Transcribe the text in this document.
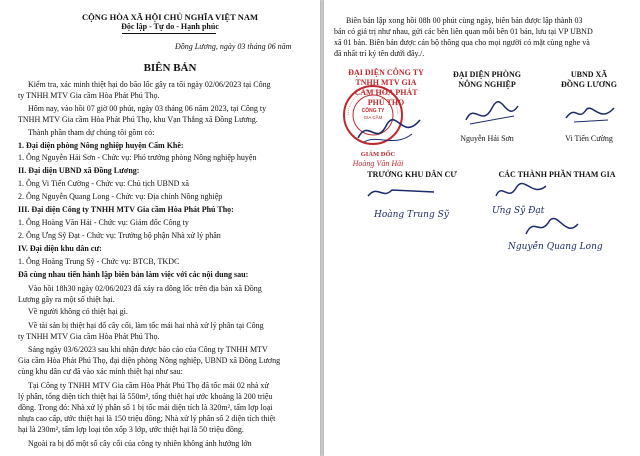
CỘNG HÒA XÃ HỘI CHỦ NGHĨA VIỆT NAM
Độc lập - Tự do - Hạnh phúc
Đồng Lương, ngày 03 tháng 06 năm
BIÊN BẢN
Kiểm tra, xác minh thiệt hại do bão lốc gây ra tối ngày 02/06/2023 tại Công
ty TNHH MTV Gia cầm Hòa Phát Phú Thọ.
Hôm nay, vào hồi 07 giờ 00 phút, ngày 03 tháng 06 năm 2023, tại Công ty
TNHH MTV Gia cầm Hòa Phát Phú Thọ, khu Vạn Thắng xã Đồng Lương.
Thành phần tham dự chúng tôi gồm có:
1. Đại diện phòng Nông nghiệp huyện Cẩm Khê:
1. Ông Nguyễn Hải Sơn - Chức vụ: Phó trưởng phòng Nông nghiệp huyện
II. Đại diện UBND xã Đồng Lương:
1. Ông Vi Tiến Cường - Chức vụ: Chủ tịch UBND xã
2. Ông Nguyễn Quang Long - Chức vụ: Địa chính Nông nghiệp
III. Đại diện Công ty TNHH MTV Gia cầm Hòa Phát Phú Thọ:
1. Ông Hoàng Văn Hải - Chức vụ: Giám đốc Công ty
2. Ông Ưng Sỹ Đạt - Chức vụ: Trưởng bộ phận Nhà xử lý phân
IV. Đại diện khu dân cư:
1. Ông Hoàng Trung Sỹ - Chức vụ: BTCB, TKDC
Đã cùng nhau tiến hành lập biên bản làm việc với các nội dung sau:
Vào hồi 18h30 ngày 02/06/2023 đã xảy ra dông lốc trên địa bàn xã Đồng
Lương gây ra một số thiệt hại.
Về người không có thiệt hại gì.
Về tài sản bị thiệt hại đổ cây cối, làm tốc mái hai nhà xử lý phân tại Công
ty TNHH MTV Gia cầm Hòa Phát Phú Thọ.
Sáng ngày 03/6/2023 sau khi nhận được báo cáo của Công ty TNHH MTV
Gia cầm Hòa Phát Phú Thọ, đại diện phòng Nông nghiệp, UBND xã Đồng Lương
cùng khu dân cư đã vào xác minh thiệt hại như sau:
Tại Công ty TNHH MTV Gia cầm Hòa Phát Phú Thọ đã tốc mái 02 nhà xử
lý phân, tổng diện tích thiệt hại là 550m², tổng thiệt hại ước khoảng là 200 triệu
đồng. Trong đó: Nhà xử lý phân số 1 bị tốc mái diện tích là 320m², tấm lợp loại
nhựa cao cấp, ước thiệt hại là 150 triệu đồng; Nhà xử lý phân số 2 diện tích thiệt
hại là 230m², tấm lợp loại tôn xốp 3 lớp, ước thiệt hại là 50 triệu đồng.
Ngoài ra bị đổ một số cây cối của công ty nhiên không ảnh hưởng lớn
Biên bản lập xong hồi 08h 00 phút cùng ngày, biên bản được lập thành 03
bản có giá trị như nhau, gửi các bên liên quan mỗi bên 01 bản, lưu tại VP UBND
xã 01 bản. Biên bản được cán bộ thông qua cho mọi người có mặt cùng nghe và
đã nhất trí ký tên dưới đây./.
ĐẠI DIỆN CÔNG TY
TNHH MTV GIA
CẦM HÒA PHÁT
PHÚ THỌ
CÔNG TY
GIA CẦM
GIÁM ĐỐC
Hoàng Văn Hải
ĐẠI DIỆN PHÒNG
NÔNG NGHIỆP
Nguyễn Hải Sơn
UBND XÃ
ĐỒNG LƯƠNG
Vi Tiến Cường
TRƯỞNG KHU DÂN CƯ	CÁC THÀNH PHẦN THAM GIA
Hoàng Trung Sỹ	Ưng Sỹ Đạt
Nguyễn Quang Long
